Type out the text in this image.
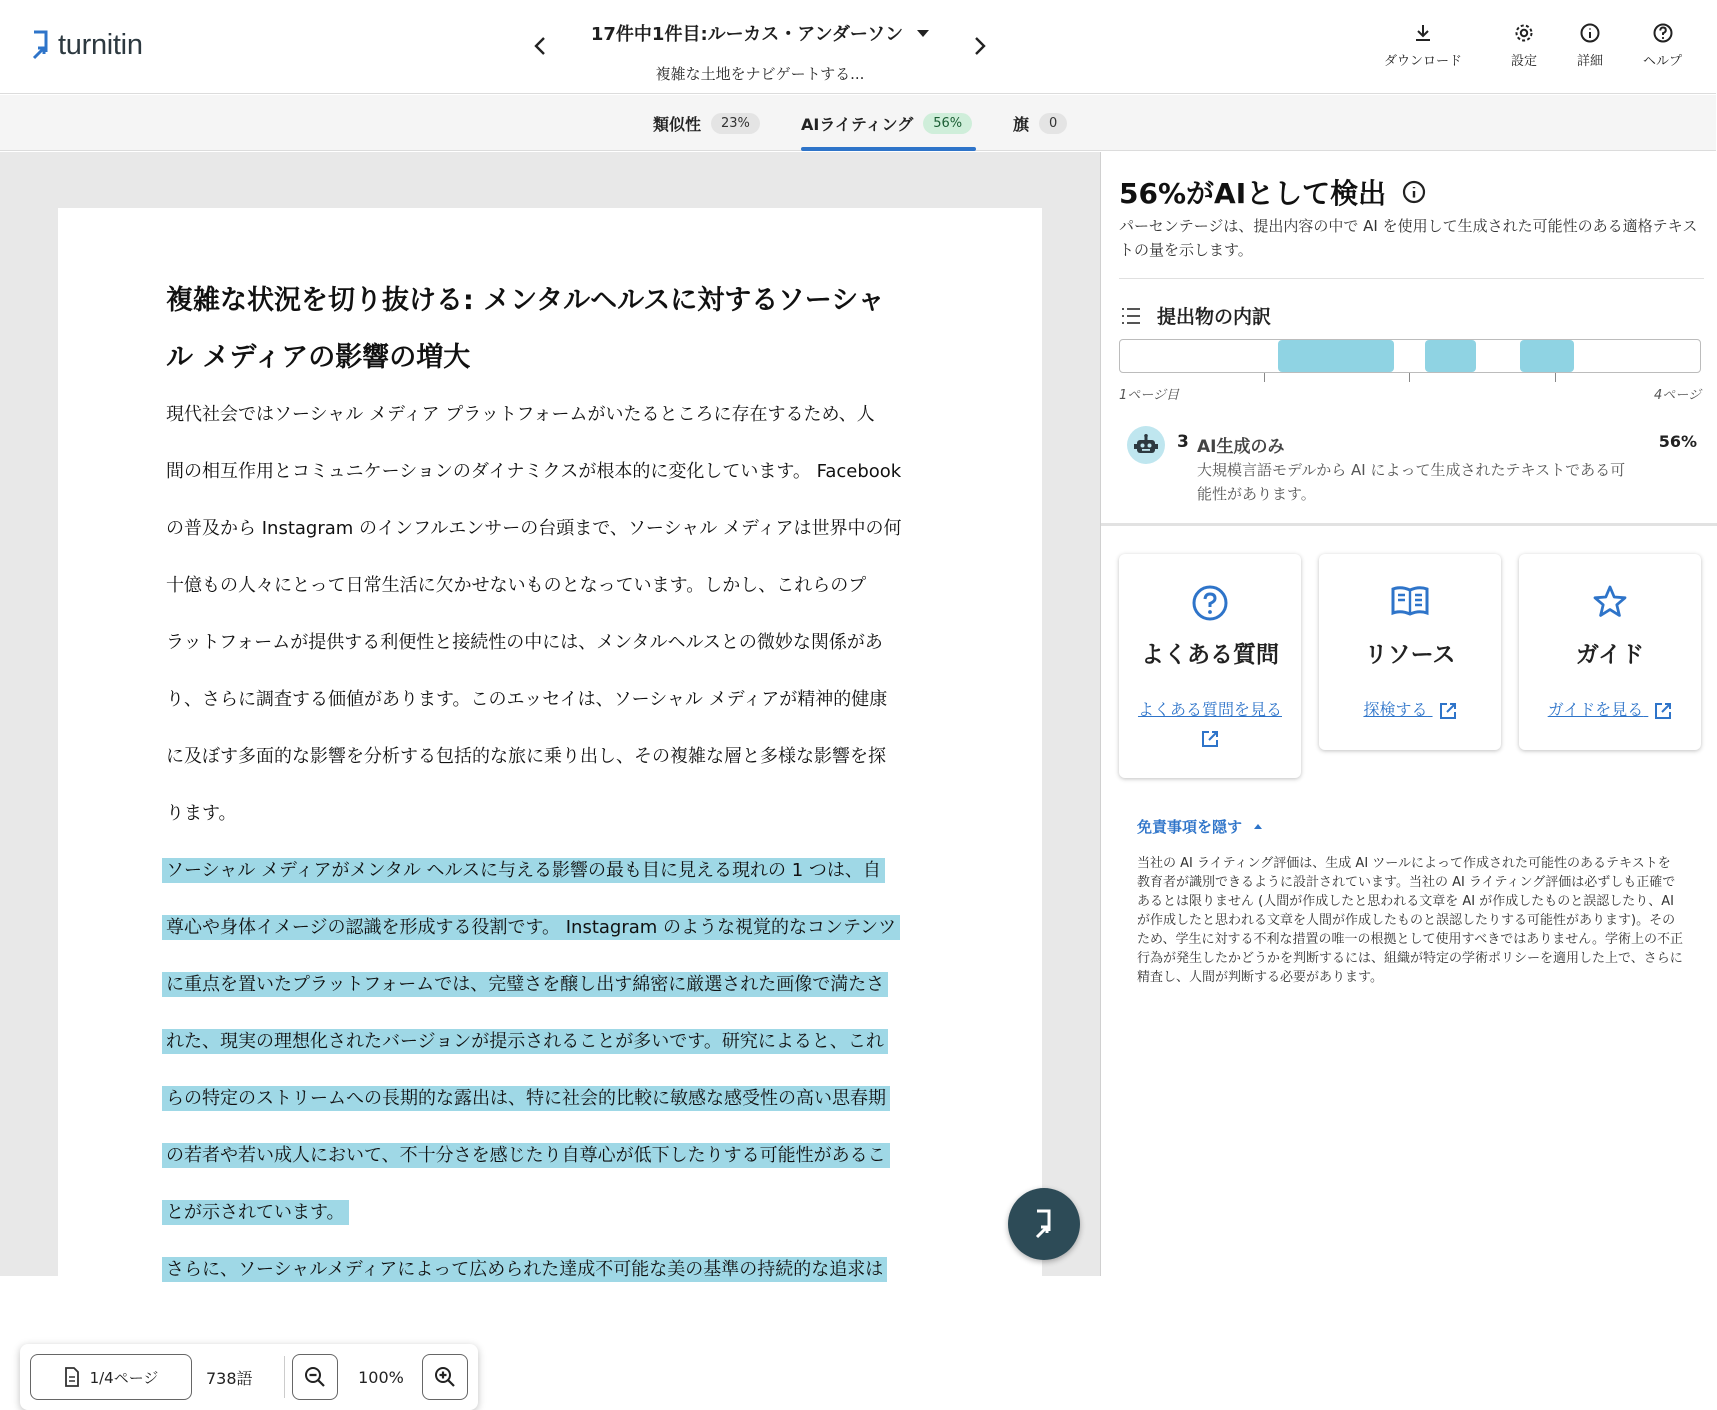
turnitin	17件中1件目:ルーカス・アンダーソン
複雑な土地をナビゲートする...
ダウンロード	設定	詳細	ヘルプ
類似性	23%	AIライティング	56%	旗	0
複雑な状況を切り抜ける: メンタルヘルスに対するソーシャ
ル メディアの影響の増大
現代社会ではソーシャル メディア プラットフォームがいたるところに存在するため、人
間の相互作用とコミュニケーションのダイナミクスが根本的に変化しています。 Facebook
の普及から Instagram のインフルエンサーの台頭まで、ソーシャル メディアは世界中の何
十億もの人々にとって日常生活に欠かせないものとなっています。しかし、これらのプ
ラットフォームが提供する利便性と接続性の中には、メンタルヘルスとの微妙な関係があ
り、さらに調査する価値があります。このエッセイは、ソーシャル メディアが精神的健康
に及ぼす多面的な影響を分析する包括的な旅に乗り出し、その複雑な層と多様な影響を探
ります。
ソーシャル メディアがメンタル ヘルスに与える影響の最も目に見える現れの 1 つは、自
尊心や身体イメージの認識を形成する役割です。 Instagram のような視覚的なコンテンツ
に重点を置いたプラットフォームでは、完璧さを醸し出す綿密に厳選された画像で満たさ
れた、現実の理想化されたバージョンが提示されることが多いです。研究によると、これ
らの特定のストリームへの長期的な露出は、特に社会的比較に敏感な感受性の高い思春期
の若者や若い成人において、不十分さを感じたり自尊心が低下したりする可能性があるこ
とが示されています。
さらに、ソーシャルメディアによって広められた達成不可能な美の基準の持続的な追求は
1/4ページ	738語	100%
56%がAIとして検出
パーセンテージは、提出内容の中で AI を使用して生成された可能性のある適格テキストの量を示します。
提出物の内訳
1ページ目	4ページ
3 AI生成のみ	56%
大規模言語モデルから AI によって生成されたテキストである可能性があります。
よくある質問
よくある質問を見る

リソース
探検する
ガイド
ガイドを見る
免責事項を隠す
当社の AI ライティング評価は、生成 AI ツールによって作成された可能性のあるテキストを教育者が識別できるように設計されています。当社の AI ライティング評価は必ずしも正確であるとは限りません (人間が作成したと思われる文章を AI が作成したものと誤認したり、AI が作成したと思われる文章を人間が作成したものと誤認したりする可能性があります)。そのため、学生に対する不利な措置の唯一の根拠として使用すべきではありません。学術上の不正行為が発生したかどうかを判断するには、組織が特定の学術ポリシーを適用した上で、さらに精査し、人間が判断する必要があります。
